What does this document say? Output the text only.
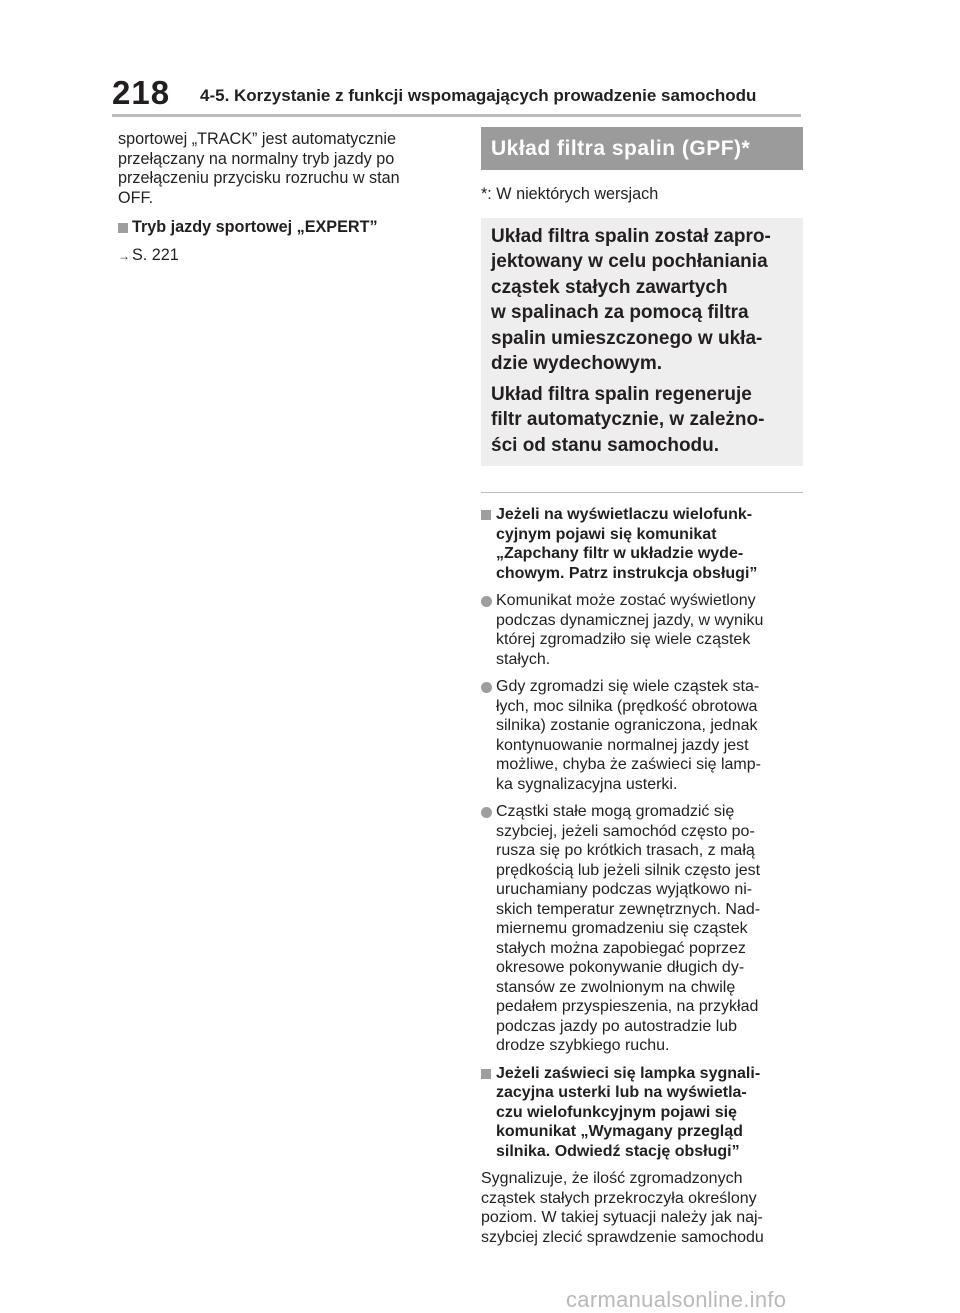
218 4-5. Korzystanie z funkcji wspomagających prowadzenie samochodu

sportowej „TRACK” jest automatycznie
przełączany na normalny tryb jazdy po
przełączeniu przycisku rozruchu w stan
OFF.

Tryb jazdy sportowej „EXPERT”

→ S. 221
Układ filtra spalin (GPF)*

*: W niektórych wersjach

Układ filtra spalin został zapro-
jektowany w celu pochłaniania
cząstek stałych zawartych
w spalinach za pomocą filtra
spalin umieszczonego w ukła-
dzie wydechowym.

Układ filtra spalin regeneruje
filtr automatycznie, w zależno-
ści od stanu samochodu.

Jeżeli na wyświetlaczu wielofunk-
cyjnym pojawi się komunikat
„Zapchany filtr w układzie wyde-
chowym. Patrz instrukcja obsługi”

Komunikat może zostać wyświetlony
podczas dynamicznej jazdy, w wyniku
której zgromadziło się wiele cząstek
stałych.

Gdy zgromadzi się wiele cząstek sta-
łych, moc silnika (prędkość obrotowa
silnika) zostanie ograniczona, jednak
kontynuowanie normalnej jazdy jest
możliwe, chyba że zaświeci się lamp-
ka sygnalizacyjna usterki.

Cząstki stałe mogą gromadzić się
szybciej, jeżeli samochód często po-
rusza się po krótkich trasach, z małą
prędkością lub jeżeli silnik często jest
uruchamiany podczas wyjątkowo ni-
skich temperatur zewnętrznych. Nad-
miernemu gromadzeniu się cząstek
stałych można zapobiegać poprzez
okresowe pokonywanie długich dy-
stansów ze zwolnionym na chwilę
pedałem przyspieszenia, na przykład
podczas jazdy po autostradzie lub
drodze szybkiego ruchu.

Jeżeli zaświeci się lampka sygnali-
zacyjna usterki lub na wyświetla-
czu wielofunkcyjnym pojawi się
komunikat „Wymagany przegląd
silnika. Odwiedź stację obsługi”

Sygnalizuje, że ilość zgromadzonych
cząstek stałych przekroczyła określony
poziom. W takiej sytuacji należy jak naj-
szybciej zlecić sprawdzenie samochodu

carmanualsonline.info
